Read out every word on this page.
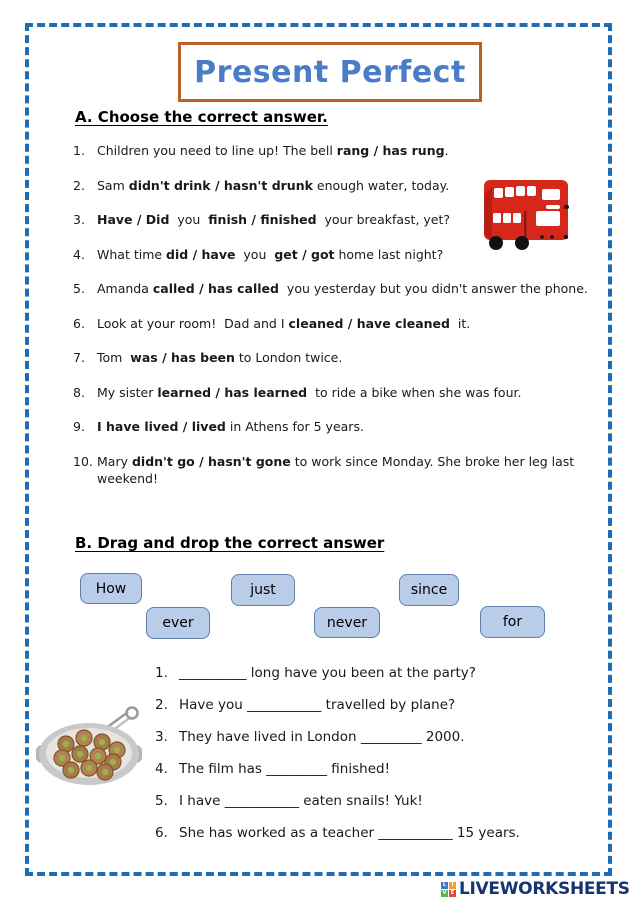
Present Perfect
A. Choose the correct answer.
1. Children you need to line up! The bell rang / has rung.
2. Sam didn't drink / hasn't drunk enough water, today.
3. Have / Did  you  finish / finished  your breakfast, yet?
4. What time did / have  you  get / got home last night?
5. Amanda called / has called  you yesterday but you didn't answer the phone.
6. Look at your room!  Dad and I cleaned / have cleaned  it.
7. Tom  was / has been to London twice.
8. My sister learned / has learned  to ride a bike when she was four.
9. I have lived / lived in Athens for 5 years.
10. Mary didn't go / hasn't gone to work since Monday. She broke her leg last
weekend!
B. Drag and drop the correct answer
How
ever
just
never
since
for
1. __________ long have you been at the party?
2. Have you ___________ travelled by plane?
3. They have lived in London _________ 2000.
4. The film has _________ finished!
5. I have ___________ eaten snails! Yuk!
6. She has worked as a teacher ___________ 15 years.
L	I
V E LIVEWORKSHEETS
